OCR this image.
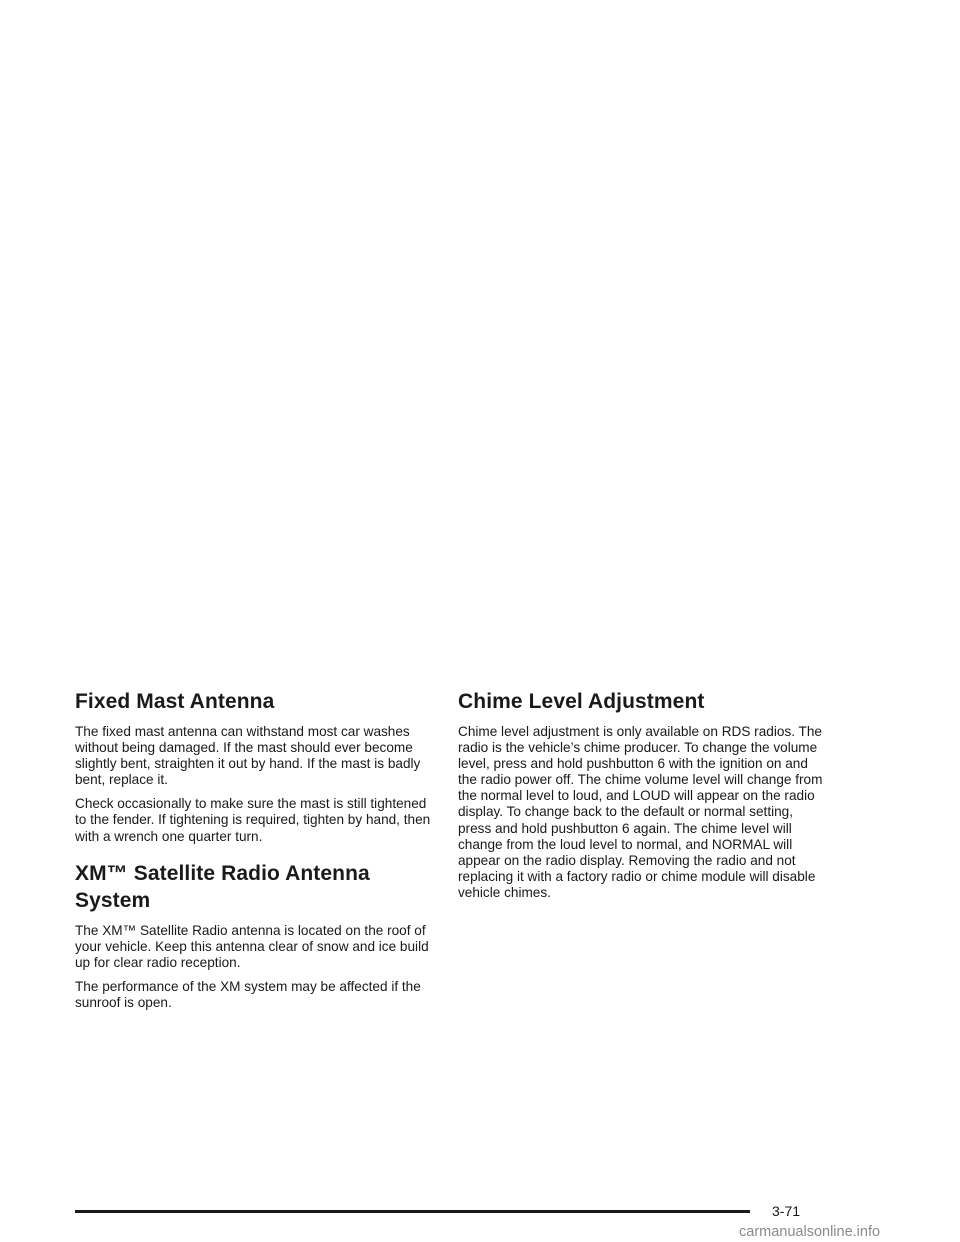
Fixed Mast Antenna

The fixed mast antenna can withstand most car washes without being damaged. If the mast should ever become slightly bent, straighten it out by hand. If the mast is badly bent, replace it.

Check occasionally to make sure the mast is still tightened to the fender. If tightening is required, tighten by hand, then with a wrench one quarter turn.

XM™ Satellite Radio Antenna System

The XM™ Satellite Radio antenna is located on the roof of your vehicle. Keep this antenna clear of snow and ice build up for clear radio reception.

The performance of the XM system may be affected if the sunroof is open.

Chime Level Adjustment

Chime level adjustment is only available on RDS radios. The radio is the vehicle’s chime producer. To change the volume level, press and hold pushbutton 6 with the ignition on and the radio power off. The chime volume level will change from the normal level to loud, and LOUD will appear on the radio display. To change back to the default or normal setting, press and hold pushbutton 6 again. The chime level will change from the loud level to normal, and NORMAL will appear on the radio display. Removing the radio and not replacing it with a factory radio or chime module will disable vehicle chimes.

3-71
carmanualsonline.info
